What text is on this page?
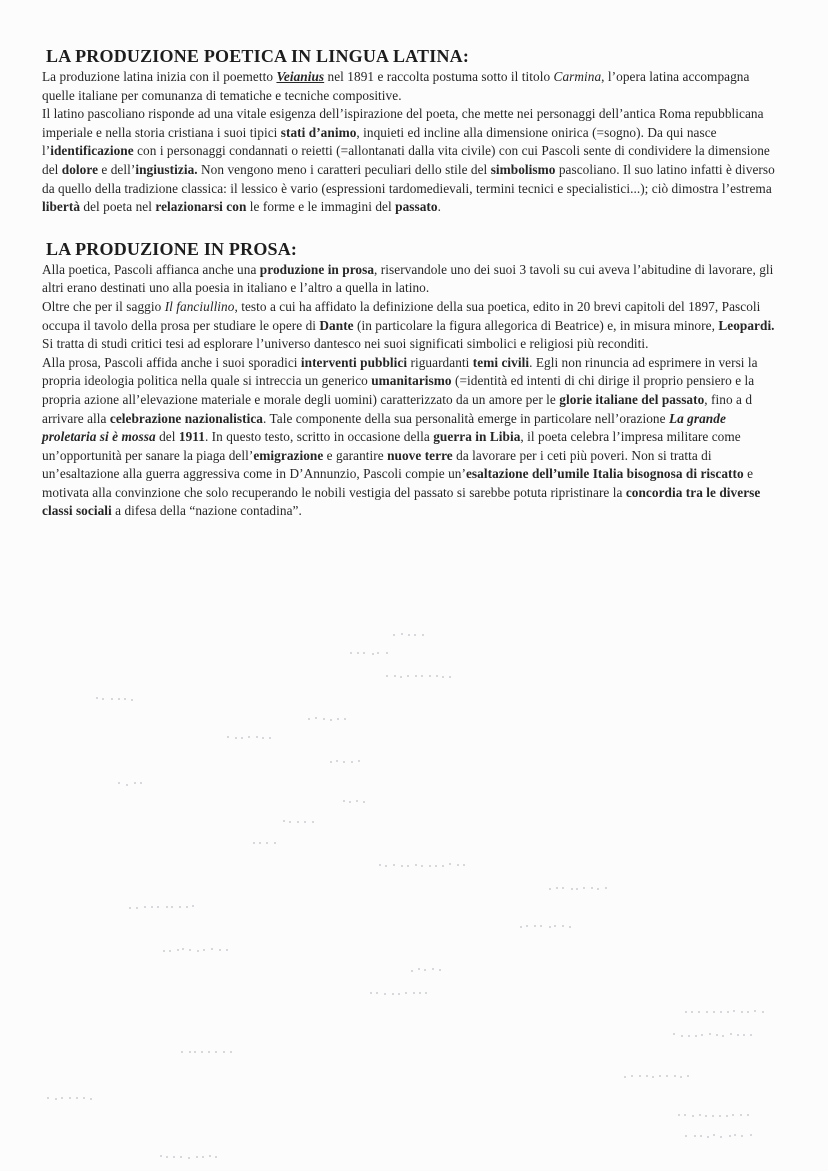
LA PRODUZIONE POETICA IN LINGUA LATINA:

La produzione latina inizia con il poemetto Veianius nel 1891 e raccolta postuma sotto il titolo Carmina, l’opera latina accompagna quelle italiane per comunanza di tematiche e tecniche compositive.

Il latino pascoliano risponde ad una vitale esigenza dell’ispirazione del poeta, che mette nei personaggi dell’antica Roma repubblicana imperiale e nella storia cristiana i suoi tipici stati d’animo, inquieti ed incline alla dimensione onirica (=sogno). Da qui nasce l’identificazione con i personaggi condannati o reietti (=allontanati dalla vita civile) con cui Pascoli sente di condividere la dimensione del dolore e dell’ingiustizia. Non vengono meno i caratteri peculiari dello stile del simbolismo pascoliano. Il suo latino infatti è diverso da quello della tradizione classica: il lessico è vario (espressioni tardomedievali, termini tecnici e specialistici...); ciò dimostra l’estrema libertà del poeta nel relazionarsi con le forme e le immagini del passato.

LA PRODUZIONE IN PROSA:

Alla poetica, Pascoli affianca anche una produzione in prosa, riservandole uno dei suoi 3 tavoli su cui aveva l’abitudine di lavorare, gli altri erano destinati uno alla poesia in italiano e l’altro a quella in latino.

Oltre che per il saggio Il fanciullino, testo a cui ha affidato la definizione della sua poetica, edito in 20 brevi capitoli del 1897, Pascoli occupa il tavolo della prosa per studiare le opere di Dante (in particolare la figura allegorica di Beatrice) e, in misura minore, Leopardi. Si tratta di studi critici tesi ad esplorare l’universo dantesco nei suoi significati simbolici e religiosi più reconditi.

Alla prosa, Pascoli affida anche i suoi sporadici interventi pubblici riguardanti temi civili. Egli non rinuncia ad esprimere in versi la propria ideologia politica nella quale si intreccia un generico umanitarismo (=identità ed intenti di chi dirige il proprio pensiero e la propria azione all’elevazione materiale e morale degli uomini) caratterizzato da un amore per le glorie italiane del passato, fino a d arrivare alla celebrazione nazionalistica. Tale componente della sua personalità emerge in particolare nell’orazione La grande proletaria si è mossa del 1911. In questo testo, scritto in occasione della guerra in Libia, il poeta celebra l’impresa militare come un’opportunità per sanare la piaga dell’emigrazione e garantire nuove terre da lavorare per i ceti più poveri. Non si tratta di un’esaltazione alla guerra aggressiva come in D’Annunzio, Pascoli compie un’esaltazione dell’umile Italia bisognosa di riscatto e motivata alla convinzione che solo recuperando le nobili vestigia del passato si sarebbe potuta ripristinare la concordia tra le diverse classi sociali a difesa della “nazione contadina”.
